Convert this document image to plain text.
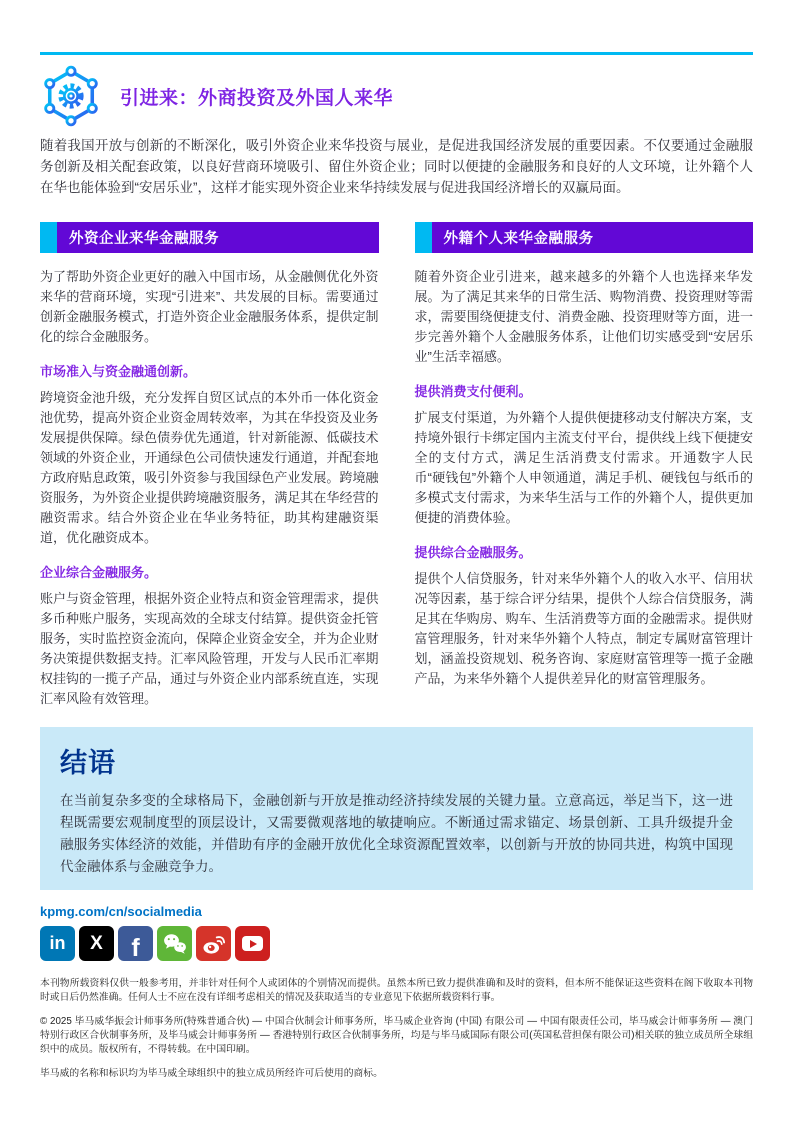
引进来：外商投资及外国人来华

随着我国开放与创新的不断深化，吸引外资企业来华投资与展业，是促进我国经济发展的重要因素。不仅要通过金融服务创新及相关配套政策，以良好营商环境吸引、留住外资企业；同时以便捷的金融服务和良好的人文环境，让外籍个人在华也能体验到“安居乐业”，这样才能实现外资企业来华持续发展与促进我国经济增长的双赢局面。

外资企业来华金融服务

为了帮助外资企业更好的融入中国市场，从金融侧优化外资来华的营商环境，实现“引进来”、共发展的目标。需要通过创新金融服务模式，打造外资企业金融服务体系，提供定制化的综合金融服务。

市场准入与资金融通创新。

跨境资金池升级，充分发挥自贸区试点的本外币一体化资金池优势，提高外资企业资金周转效率，为其在华投资及业务发展提供保障。绿色债券优先通道，针对新能源、低碳技术领域的外资企业，开通绿色公司债快速发行通道，并配套地方政府贴息政策，吸引外资参与我国绿色产业发展。跨境融资服务，为外资企业提供跨境融资服务，满足其在华经营的融资需求。结合外资企业在华业务特征，助其构建融资渠道，优化融资成本。

企业综合金融服务。

账户与资金管理，根据外资企业特点和资金管理需求，提供多币种账户服务，实现高效的全球支付结算。提供资金托管服务，实时监控资金流向，保障企业资金安全，并为企业财务决策提供数据支持。汇率风险管理，开发与人民币汇率期权挂钩的一揽子产品，通过与外资企业内部系统直连，实现汇率风险有效管理。

外籍个人来华金融服务

随着外资企业引进来，越来越多的外籍个人也选择来华发展。为了满足其来华的日常生活、购物消费、投资理财等需求，需要围绕便捷支付、消费金融、投资理财等方面，进一步完善外籍个人金融服务体系，让他们切实感受到“安居乐业”生活幸福感。

提供消费支付便利。

扩展支付渠道，为外籍个人提供便捷移动支付解决方案，支持境外银行卡绑定国内主流支付平台，提供线上线下便捷安全的支付方式，满足生活消费支付需求。开通数字人民币“硬钱包”外籍个人申领通道，满足手机、硬钱包与纸币的多模式支付需求，为来华生活与工作的外籍个人，提供更加便捷的消费体验。

提供综合金融服务。

提供个人信贷服务，针对来华外籍个人的收入水平、信用状况等因素，基于综合评分结果，提供个人综合信贷服务，满足其在华购房、购车、生活消费等方面的金融需求。提供财富管理服务，针对来华外籍个人特点，制定专属财富管理计划，涵盖投资规划、税务咨询、家庭财富管理等一揽子金融产品，为来华外籍个人提供差异化的财富管理服务。

结语

在当前复杂多变的全球格局下，金融创新与开放是推动经济持续发展的关键力量。立意高远，举足当下，这一进程既需要宏观制度型的顶层设计，又需要微观落地的敏捷响应。不断通过需求锚定、场景创新、工具升级提升金融服务实体经济的效能，并借助有序的金融开放优化全球资源配置效率，以创新与开放的协同共进，构筑中国现代金融体系与金融竞争力。

kpmg.com/cn/socialmedia
in X f

本刊物所载资料仅供一般参考用，并非针对任何个人或团体的个别情况而提供。虽然本所已致力提供准确和及时的资料，但本所不能保证这些资料在阁下收取本刊物时或日后仍然准确。任何人士不应在没有详细考虑相关的情况及获取适当的专业意见下依据所载资料行事。

© 2025 毕马威华振会计师事务所(特殊普通合伙) — 中国合伙制会计师事务所，毕马威企业咨询 (中国) 有限公司 — 中国有限责任公司，毕马威会计师事务所 — 澳门特别行政区合伙制事务所，及毕马威会计师事务所 — 香港特别行政区合伙制事务所，均是与毕马威国际有限公司(英国私营担保有限公司)相关联的独立成员所全球组织中的成员。版权所有，不得转载。在中国印刷。

毕马威的名称和标识均为毕马威全球组织中的独立成员所经许可后使用的商标。
